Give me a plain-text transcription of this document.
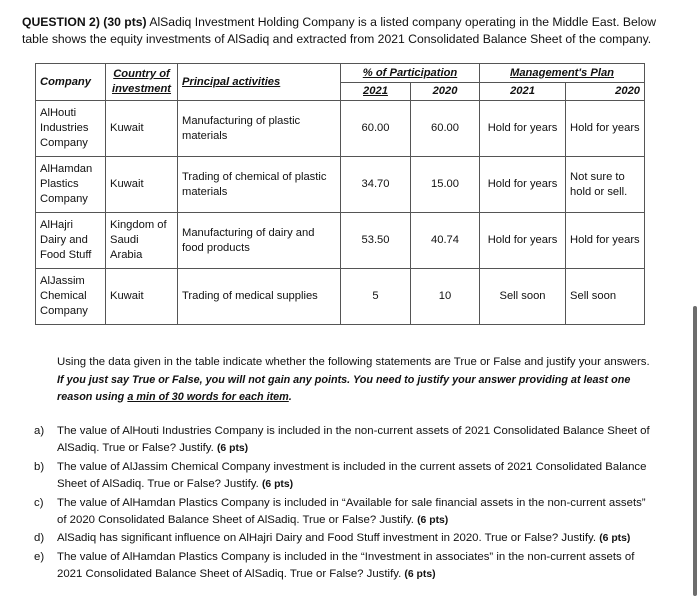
QUESTION 2) (30 pts) AlSadiq Investment Holding Company is a listed company operating in the Middle East. Below table shows the equity investments of AlSadiq and extracted from 2021 Consolidated Balance Sheet of the company.
Company	Country of investment	Principal activities	% of Participation		Management's Plan	
			2021	2020	2021	2020
AlHouti Industries Company	Kuwait	Manufacturing of plastic materials	60.00	60.00	Hold for years	Hold for years
AlHamdan Plastics Company	Kuwait	Trading of chemical of plastic materials	34.70	15.00	Hold for years	Not sure to hold or sell.
AlHajri Dairy and Food Stuff	Kingdom of Saudi Arabia	Manufacturing of dairy and food products	53.50	40.74	Hold for years	Hold for years
AlJassim Chemical Company	Kuwait	Trading of medical supplies	5	10	Sell soon	Sell soon
Using the data given in the table indicate whether the following statements are True or False and justify your answers. If you just say True or False, you will not gain any points. You need to justify your answer providing at least one reason using a min of 30 words for each item.
a)	The value of AlHouti Industries Company is included in the non-current assets of 2021 Consolidated Balance Sheet of AlSadiq. True or False? Justify. (6 pts)
b)	The value of AlJassim Chemical Company investment is included in the current assets of 2021 Consolidated Balance Sheet of AlSadiq. True or False? Justify. (6 pts)
c)	The value of AlHamdan Plastics Company is included in “Available for sale financial assets in the non-current assets” of 2020 Consolidated Balance Sheet of AlSadiq. True or False? Justify. (6 pts)
d)	AlSadiq has significant influence on AlHajri Dairy and Food Stuff investment in 2020. True or False? Justify. (6 pts)
e)	The value of AlHamdan Plastics Company is included in the “Investment in associates” in the non-current assets of 2021 Consolidated Balance Sheet of AlSadiq. True or False? Justify. (6 pts)
